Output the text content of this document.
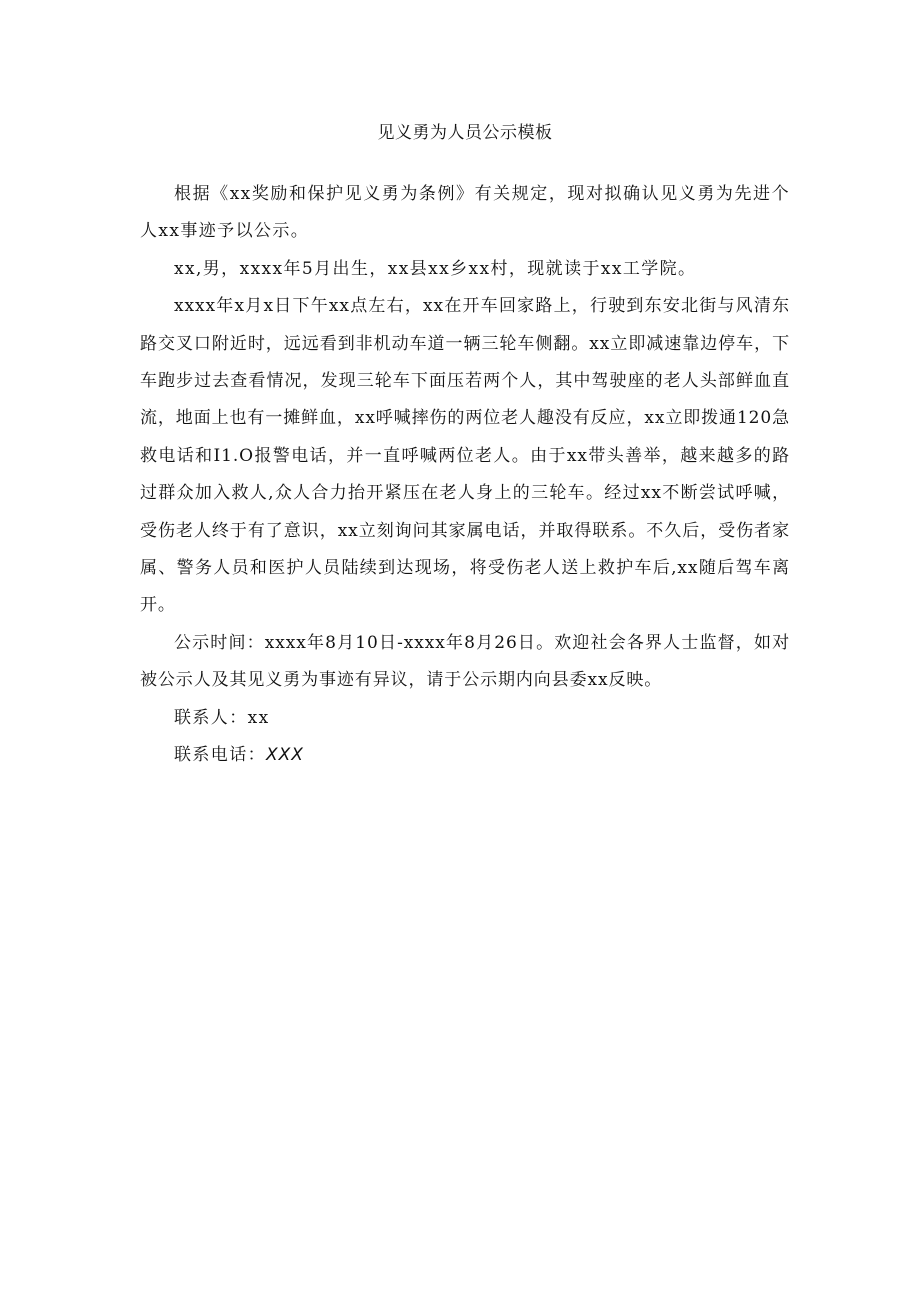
见义勇为人员公示模板

根据《xx奖励和保护见义勇为条例》有关规定，现对拟确认见义勇为先进个人xx事迹予以公示。

xx,男，xxxx年5月出生，xx县xx乡xx村，现就读于xx工学院。

xxxx年x月x日下午xx点左右，xx在开车回家路上，行驶到东安北街与风清东路交叉口附近时，远远看到非机动车道一辆三轮车侧翻。xx立即减速靠边停车，下车跑步过去查看情况，发现三轮车下面压若两个人，其中驾驶座的老人头部鲜血直流，地面上也有一摊鲜血，xx呼喊摔伤的两位老人趣没有反应，xx立即拨通120急救电话和I1.O报警电话，并一直呼喊两位老人。由于xx带头善举，越来越多的路过群众加入救人,众人合力抬开紧压在老人身上的三轮车。经过xx不断尝试呼喊，受伤老人终于有了意识，xx立刻询问其家属电话，并取得联系。不久后，受伤者家属、警务人员和医护人员陆续到达现场，将受伤老人送上救护车后,xx随后驾车离开。

公示时间：xxxx年8月10日-xxxx年8月26日。欢迎社会各界人士监督，如对被公示人及其见义勇为事迹有异议，请于公示期内向县委xx反映。

联系人：xx

联系电话：XXX
